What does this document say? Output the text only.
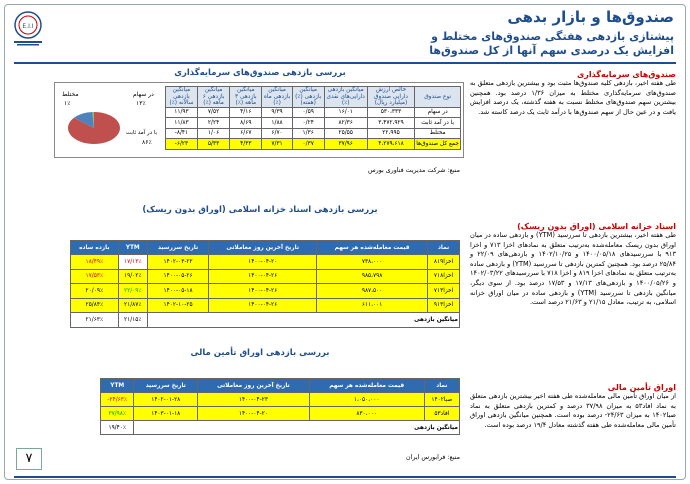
E.I.I
صندوق‌ها و بازار بدهی
پیشتازی بازدهی هفتگی صندوق‌های مختلط و
افزایش یک درصدی سهم آنها از کل صندوق‌ها
صندوق‌های سرمایه‌گذاری
طی هفته اخیر، بازدهی کلیه صندوق‌ها مثبت بود و بیشترین بازدهی متعلق به صندوق‌های سرمایه‌گذاری مختلط به میزان ۱/۳۶ درصد بود. همچنین بیشترین سهم صندوق‌های مختلط نسبت به هفته گذشته، یک درصد افزایش یافت و در عین حال از سهم صندوق‌ها با درآمد ثابت یک درصد کاسته شد.
اسناد خزانه اسلامی (اوراق بدون ریسک)
طی هفته اخیر، بیشترین بازدهی تا سررسید (YTM) و بازدهی ساده در میان اوراق بدون ریسک معامله‌شده به‌ترتیب متعلق به نمادهای اخزا ۷۱۳ و اخزا ۹۱۳ با سررسیدهای ۱۴۰۰/۰۵/۱۸ و ۱۴۰۲/۱۰/۲۵ و بازدهی‌های ۲۲/۰۹ و ۲۵/۸۴ درصد بود. همچنین کمترین بازدهی تا سررسید (YTM) و بازدهی ساده به‌ترتیب متعلق به نمادهای اخزا ۸۱۹ و اخزا ۷۱۸ با سررسیدهای ۱۴۰۲/۰۳/۲۲ و ۱۴۰۰/۰۵/۲۶ و بازدهی‌های ۱۷/۱۳ و ۱۷/۵۳ درصد بود. از سوی دیگر، میانگین بازدهی تا سررسید (YTM) و بازدهی ساده در میان اوراق خزانه اسلامی، به ترتیب، معادل ۲۱/۱۵ و ۲۱/۶۳ درصد است.
اوراق تأمین مالی
از میان اوراق تأمین مالی معامله‌شده طی هفته اخیر بیشترین بازدهی متعلق به نماد افاد۵۳ به میزان ۳۷/۹۸ درصد و کمترین بازدهی متعلق به نماد صبا۱۴۰۲ به میزان ۲۴/۶۳- درصد بوده است. همچنین میانگین بازدهی اوراق تأمین مالی معامله‌شده طی هفته گذشته معادل ۱۹/۴ درصد بوده است.
بررسی بازدهی صندوق‌های سرمایه‌گذاری
مختلط
۱٪
در سهام
۱۳٪
با در آمد ثابت
۸۶٪
نوع صندوق	خالص ارزش دارایی صندوق (میلیارد ریال)	میانگین بازدهی دارایی‌های نقدی (٪)	میانگین بازدهی (٪) (هفته)	میانگین بازدهی ماه (٪)	میانگین بازدهی ۳ ماهه (٪)	میانگین بازدهی ۶ ماهه (٪)	میانگین بازدهی سالانه (٪)
در سهام	۵۳۰،۳۳۳	۱۶/۰۱	۰/۵۹	۹/۳۹	۴/۱۶	۷/۵۲	۱۱/۹۳
با در آمد ثابت	۳،۴۷۲،۹۲۹	۸۲/۳۶	۰/۲۴	۱/۸۸	۸/۶۹	۲/۲۴	۱۱/۸۳
مختلط	۲۲،۹۹۵	۲۵/۵۵	۱/۳۶	۶/۷۰	۶/۶۷	۱/۰۶	۸/۴۱-
جمع کل صندوق‌ها	۴،۲۷۹،۶۱۸	۳۷/۹۶	۰/۳۷	۷/۳۱	۴/۳۳	۵/۳۳	۶/۲۳-
منبع: شرکت مدیریت فناوری بورس
بررسی بازدهی اسناد خزانه اسلامی (اوراق بدون ریسک)
نماد	قیمت معامله‌شده هر سهم	تاریخ آخرین روز معاملاتی	تاریخ سررسید	YTM	بازده ساده
اخزا۸۱۹	۷۳۸،۰۰۰	۱۴۰۰-۰۴-۲۰	۱۴۰۲-۰۳-۲۲	۱۷/۱۳٪	۱۸/۴۹٪
اخزا۷۱۸	۹۸۵،۷۹۸	۱۴۰۰-۰۴-۲۶	۱۴۰۰-۰۵-۲۶	۱۹/۰۲٪	۱۷/۵۳٪
اخزا۷۱۳	۹۸۷،۵۰۰	۱۴۰۰-۰۴-۲۶	۱۴۰۰-۰۵-۱۸	۲۲/۰۹٪	۲۰/۰۹٪
اخزا۹۱۳	۶۱۱،۰۰۱	۱۴۰۰-۰۴-۲۶	۱۴۰۲-۱۰-۲۵	۲۱/۸۷٪	۲۵/۸۴٪
میانگین بازدهی				۲۱/۱۵٪	۲۱/۶۳٪
بررسی بازدهی اوراق تأمین مالی
نماد	قیمت معامله‌شده هر سهم	تاریخ آخرین روز معاملاتی	تاریخ سررسید	YTM
صبا۱۴۰۲	۱،۰۵۰،۰۰۰	۱۴۰۰-۰۴-۲۳	۱۴۰۲-۰۱-۲۸	۲۴/۶۳٪-
افاد۵۳	۸۳۰،۰۰۰	۱۴۰۰-۰۴-۲۰	۱۴۰۳-۰۱-۱۸	۳۷/۹۸٪
میانگین بازدهی				۱۹/۴۰٪
منبع: فرابورس ایران
۷
